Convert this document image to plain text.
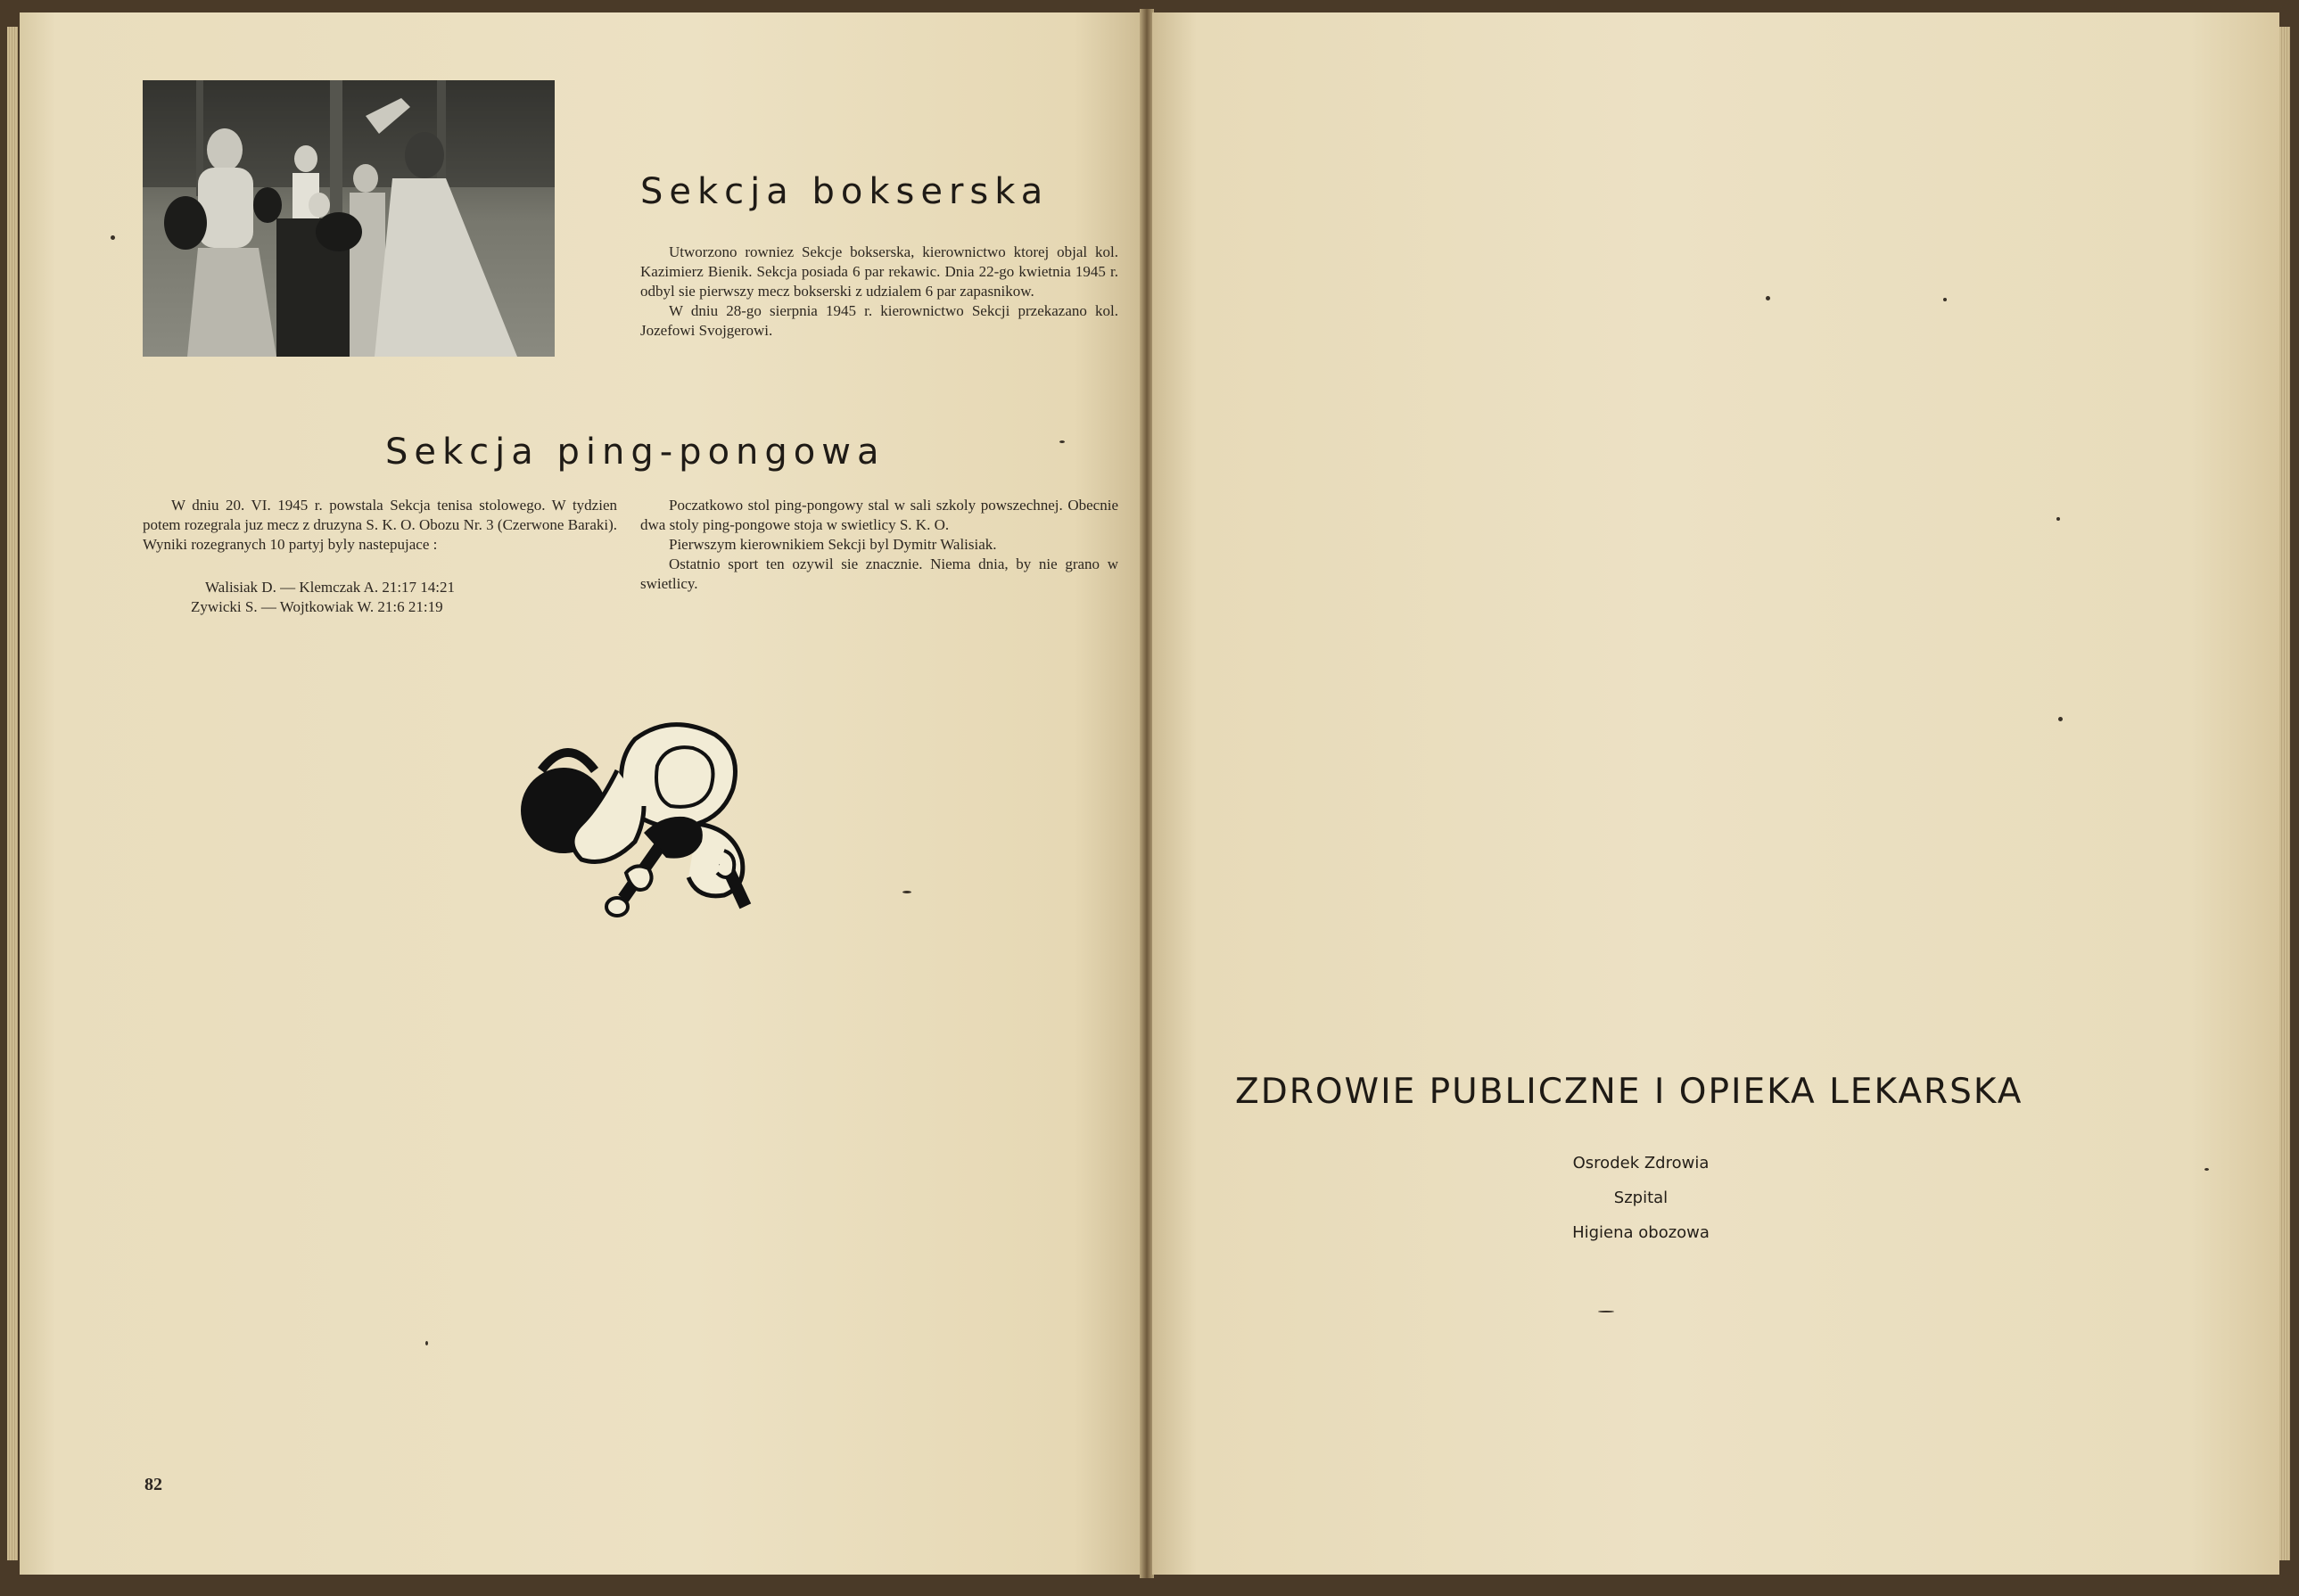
Sekcja bokserska

Utworzono rowniez Sekcje bokserska, kierownictwo ktorej objal kol. Kazimierz Bienik. Sekcja posiada 6 par rekawic. Dnia 22-go kwietnia 1945 r. odbyl sie pierwszy mecz bokserski z udzialem 6 par zapasnikow.

W dniu 28-go sierpnia 1945 r. kierownictwo Sekcji przekazano kol. Jozefowi Svojgerowi.

Sekcja ping-pongowa

W dniu 20. VI. 1945 r. powstala Sekcja tenisa stolowego. W tydzien potem rozegrala juz mecz z druzyna S. K. O. Obozu Nr. 3 (Czerwone Baraki). Wyniki rozegranych 10 partyj byly nastepujace :

Walisiak D. — Klemczak A. 21:17 14:21
Zywicki S. — Wojtkowiak W. 21:6 21:19

Poczatkowo stol ping-pongowy stal w sali szkoly powszechnej. Obecnie dwa stoly ping-pongowe stoja w swietlicy S. K. O.

Pierwszym kierownikiem Sekcji byl Dymitr Walisiak.

Ostatnio sport ten ozywil sie znacznie. Niema dnia, by nie grano w swietlicy.

82
ZDROWIE PUBLICZNE I OPIEKA LEKARSKA
Osrodek Zdrowia
Szpital
Higiena obozowa
